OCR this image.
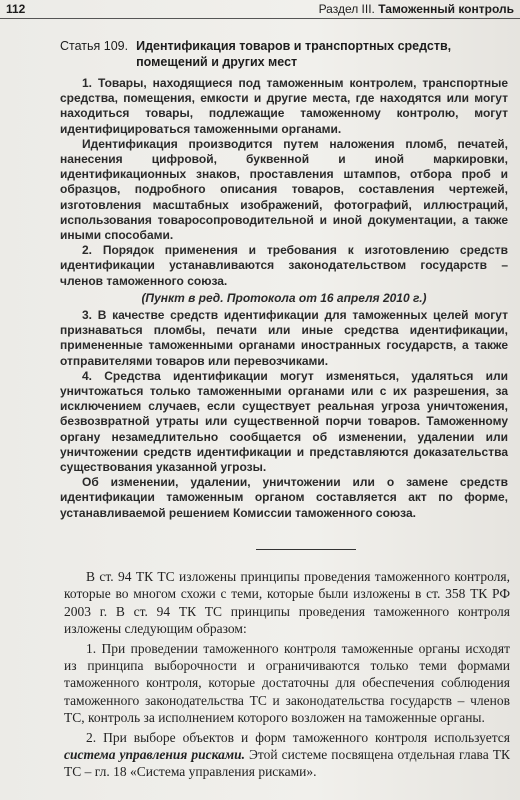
112	Раздел III. Таможенный контроль
Статья 109. Идентификация товаров и транспортных средств, помещений и других мест

1. Товары, находящиеся под таможенным контролем, транспортные средства, помещения, емкости и другие места, где находятся или могут находиться товары, подлежащие таможенному контролю, могут идентифицироваться таможенными органами.

Идентификация производится путем наложения пломб, печатей, нанесения цифровой, буквенной и иной маркировки, идентификационных знаков, проставления штампов, отбора проб и образцов, подробного описания товаров, составления чертежей, изготовления масштабных изображений, фотографий, иллюстраций, использования товаросопроводительной и иной документации, а также иными способами.

2. Порядок применения и требования к изготовлению средств идентификации устанавливаются законодательством государств – членов таможенного союза.

(Пункт в ред. Протокола от 16 апреля 2010 г.)

3. В качестве средств идентификации для таможенных целей могут признаваться пломбы, печати или иные средства идентификации, примененные таможенными органами иностранных государств, а также отправителями товаров или перевозчиками.

4. Средства идентификации могут изменяться, удаляться или уничтожаться только таможенными органами или с их разрешения, за исключением случаев, если существует реальная угроза уничтожения, безвозвратной утраты или существенной порчи товаров. Таможенному органу незамедлительно сообщается об изменении, удалении или уничтожении средств идентификации и представляются доказательства существования указанной угрозы.

Об изменении, удалении, уничтожении или о замене средств идентификации таможенным органом составляется акт по форме, устанавливаемой решением Комиссии таможенного союза.

В ст. 94 ТК ТС изложены принципы проведения таможенного контроля, которые во многом схожи с теми, которые были изложены в ст. 358 ТК РФ 2003 г. В ст. 94 ТК ТС принципы проведения таможенного контроля изложены следующим образом:

1. При проведении таможенного контроля таможенные органы исходят из принципа выборочности и ограничиваются только теми формами таможенного контроля, которые достаточны для обеспечения соблюдения таможенного законодательства ТС и законодательства государств – членов ТС, контроль за исполнением которого возложен на таможенные органы.

2. При выборе объектов и форм таможенного контроля используется система управления рисками. Этой системе посвящена отдельная глава ТК ТС – гл. 18 «Система управления рисками».
